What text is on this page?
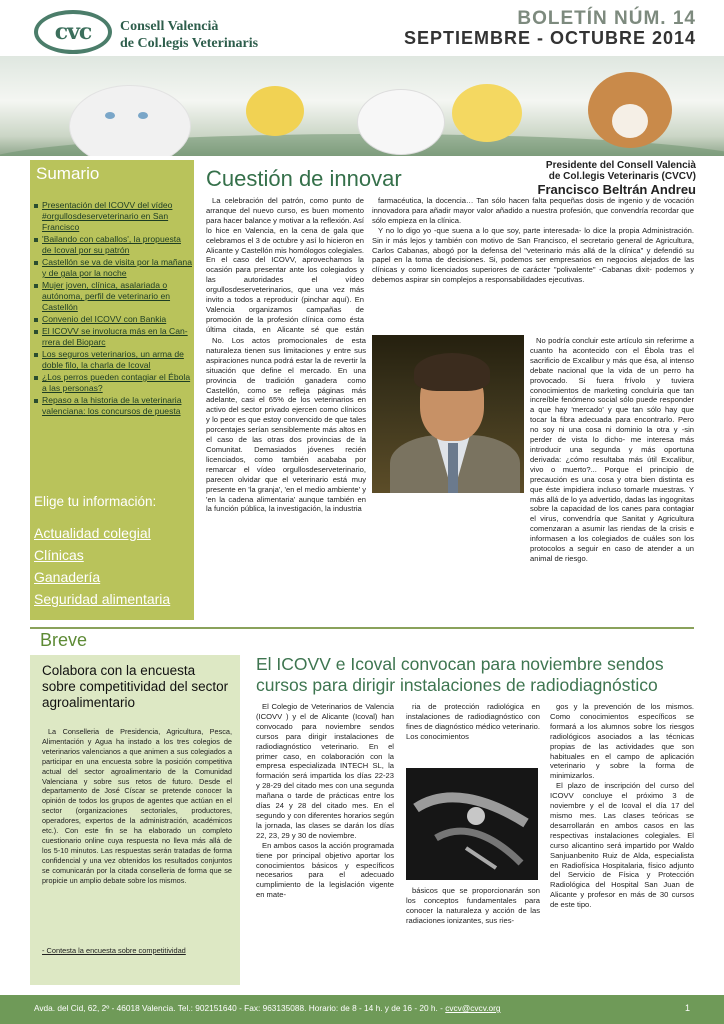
cvc	Consell Valencià
de Col.legis Veterinaris
BOLETÍN NÚM. 14
SEPTIEMBRE - OCTUBRE 2014
Sumario
Presentación del ICOVV del vídeo #orgullosdeserveterinario en San Francisco
'Bailando con caballos', la propuesta de Icoval por su patrón
Castellón se va de visita por la mañana y de gala por la noche
Mujer joven, clínica, asalariada o autónoma, perfil de veterinario en Castellón
Convenio del ICOVV con Bankia
El ICOVV se involucra más en la Can-rrera del Bioparc
Los seguros veterinarios, un arma de doble filo, la charla de Icoval
¿Los perros pueden contagiar el Ébola a las personas?
Repaso a la historia de la veterinaria valenciana: los concursos de puesta
Elige tu información:
Actualidad colegial
Clínicas
Ganadería
Seguridad alimentaria
Cuestión de innovar
Presidente del Consell Valencià
de Col.legis Veterinaris (CVCV)
Francisco Beltrán Andreu

La celebración del patrón, como punto de arranque del nuevo curso, es buen momento para hacer balance y motivar a la reflexión. Así lo hice en Valencia, en la cena de gala que celebramos el 3 de octubre y así lo hicieron en Alicante y Castellón mis homólogos colegiales. En el caso del ICOVV, aprovechamos la ocasión para presentar ante los colegiados y las autoridades el vídeo orgullosdeserveterinarios, que una vez más invito a todos a reproducir (pinchar aquí). En Valencia organizamos campañas de promoción de la profesión clínica como ésta última citada, en Alicante sé que están

No. Los actos promocionales de esta naturaleza tienen sus limitaciones y entre sus aspiraciones nunca podrá estar la de revertir la situación que define el mercado. En una provincia de tradición ganadera como Castellón, como se refleja páginas más adelante, casi el 65% de los veterinarios en activo del sector privado ejercen como clínicos y lo peor es que estoy convencido de que tales porcentajes serían sensiblemente más altos en el caso de las otras dos provincias de la Comunitat. Demasiados jóvenes recién licenciados, como también acababa por remarcar el vídeo orgullosdeserveterinario, parecen olvidar que el veterinario está muy presente en 'la granja', 'en el medio ambiente' y 'en la cadena alimentaria' aunque también en la función pública, la investigación, la industria

farmacéutica, la docencia… Tan sólo hacen falta pequeñas dosis de ingenio y de vocación innovadora para añadir mayor valor añadido a nuestra profesión, que convendría recordar que sólo empieza en la clínica.

Y no lo digo yo -que suena a lo que soy, parte interesada- lo dice la propia Administración. Sin ir más lejos y también con motivo de San Francisco, el secretario general de Agricultura, Carlos Cabanas, abogó por la defensa del "veterinario más allá de la clínica" y defendió su papel en la toma de decisiones. Si, podemos ser empresarios en negocios alejados de las clínicas y como licenciados superiores de carácter "polivalente" -Cabanas dixit- podemos y debemos aspirar sin complejos a responsabilidades ejecutivas.

No podría concluir este artículo sin referirme a cuanto ha acontecido con el Ébola tras el sacrificio de Excalibur y más que ésa, al intenso debate nacional que la vida de un perro ha provocado. Si fuera frívolo y tuviera conocimientos de marketing concluiría que tan increíble fenómeno social sólo puede responder a que hay 'mercado' y que tan sólo hay que tocar la fibra adecuada para encontrarlo. Pero no soy ni una cosa ni dominio la otra y -sin perder de vista lo dicho- me interesa más introducir una segunda y más oportuna derivada: ¿cómo resultaba más útil Excalibur, vivo o muerto?... Porque el principio de precaución es una cosa y otra bien distinta es que éste impidiera incluso tomarle muestras. Y más allá de lo ya advertido, dadas las ingognitas sobre la capacidad de los canes para contagiar el virus, convendría que Sanitat y Agricultura comenzaran a asumir las riendas de la crisis e informasen a los colegiados de cuáles son los protocolos a seguir en caso de atender a un animal de riesgo.

Breve
Colabora con la encuesta sobre competitividad del sector agroalimentario

La Conselleria de Presidencia, Agricultura, Pesca, Alimentación y Agua ha instado a los tres colegios de veterinarios valencianos a que animen a sus colegiados a participar en una encuesta sobre la posición competitiva actual del sector agroalimentario de la Comunidad Valenciana y sobre sus retos de futuro. Desde el departamento de José Císcar se pretende conocer la opinión de todos los grupos de agentes que actúan en el sector (organizaciones sectoriales, productores, operadores, expertos de la administración, académicos etc.). Con este fin se ha elaborado un completo cuestionario online cuya respuesta no lleva más allá de los 5-10 minutos. Las respuestas serán tratadas de forma confidencial y una vez obtenidos los resultados conjuntos se comunicarán por la citada conselleria de forma que se propicie un amplio debate sobre los mismos.

- Contesta la encuesta sobre competitividad
El ICOVV e Icoval convocan para noviembre sendos cursos para dirigir instalaciones de radiodiagnóstico

El Colegio de Veterinarios de Valencia (ICOVV ) y el de Alicante (Icoval) han convocado para noviembre sendos cursos para dirigir instalaciones de radiodiagnóstico veterinario. En el primer caso, en colaboración con la empresa especializada INTECH SL, la formación será impartida los días 22-23 y 28-29 del citado mes con una segunda mañana o tarde de prácticas entre los días 24 y 28 del citado mes. En el segundo y con diferentes horarios según la jornada, las clases se darán los días 22, 23, 29 y 30 de noviembre.

En ambos casos la acción programada tiene por principal objetivo aportar los conocimientos básicos y específicos necesarios para el adecuado cumplimiento de la legislación vigente en mate-

ria de protección radiológica en instalaciones de radiodiagnóstico con fines de diagnóstico médico veterinario. Los conocimientos

básicos que se proporcionarán son los conceptos fundamentales para conocer la naturaleza y acción de las radiaciones ionizantes, sus ries-

gos y la prevención de los mismos. Como conocimientos específicos se formará a los alumnos sobre los riesgos radiológicos asociados a las técnicas propias de las actividades que son habituales en el campo de aplicación veterinario y sobre la forma de minimizarlos.

El plazo de inscripción del curso del ICOVV concluye el próximo 3 de noviembre y el de Icoval el día 17 del mismo mes. Las clases teóricas se desarrollarán en ambos casos en las respectivas instalaciones colegiales. El curso alicantino será impartido por Waldo Sanjuanbenito Ruiz de Alda, especialista en Radiofísica Hospitalaria, físico adjunto del Servicio de Física y Protección Radiológica del Hospital San Juan de Alicante y profesor en más de 30 cursos de este tipo.

Avda. del Cid, 62, 2º - 46018 Valencia. Tel.: 902151640 - Fax: 963135088. Horario: de 8 - 14 h. y de 16 - 20 h. - cvcv@cvcv.org	1
